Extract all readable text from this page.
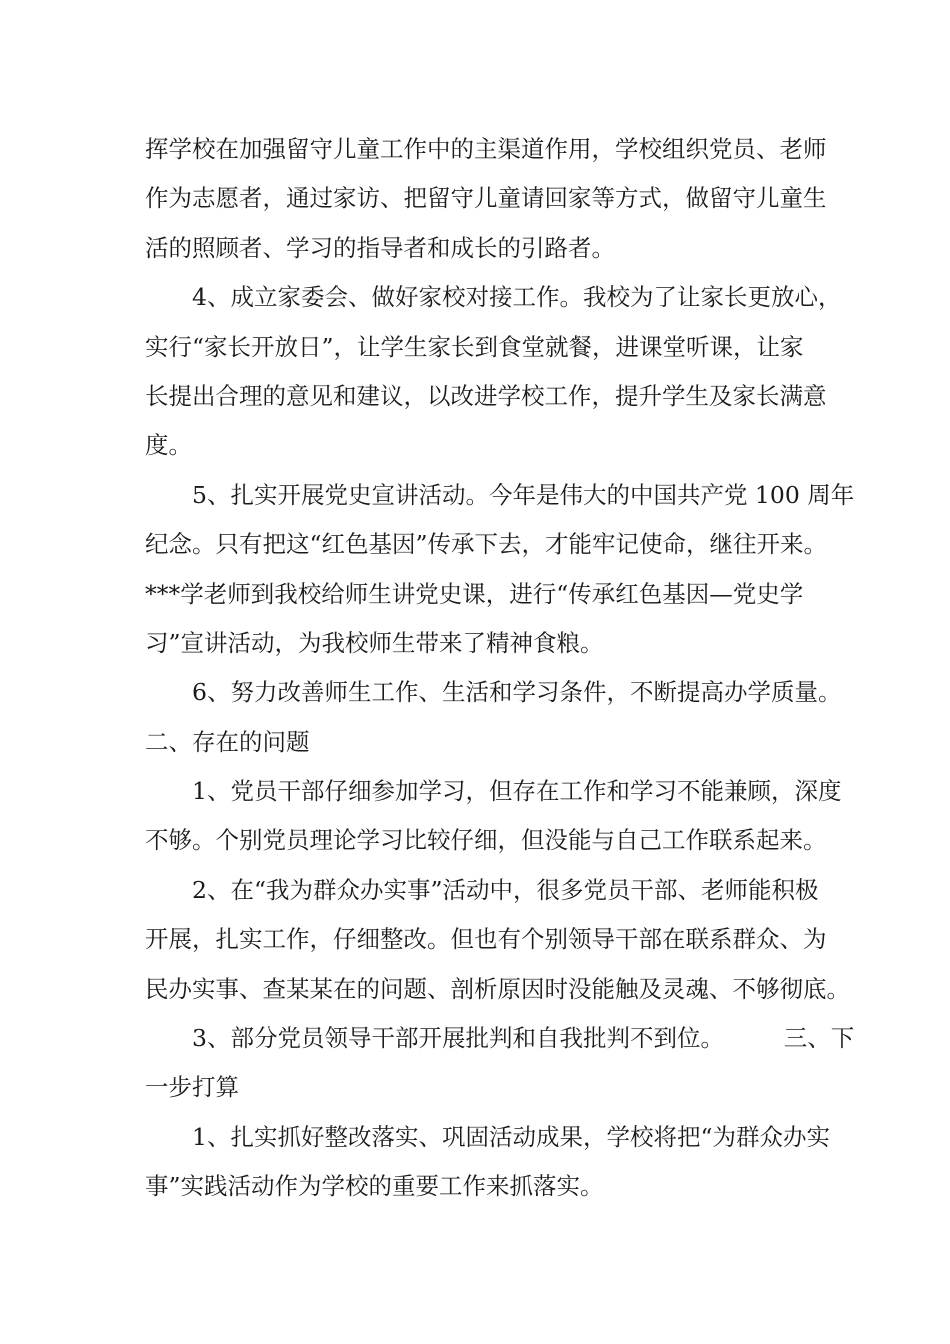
挥学校在加强留守儿童工作中的主渠道作用，学校组织党员、老师
作为志愿者，通过家访、把留守儿童请回家等方式，做留守儿童生
活的照顾者、学习的指导者和成长的引路者。
4、成立家委会、做好家校对接工作。我校为了让家长更放心，
实行“家长开放日”，让学生家长到食堂就餐，进课堂听课，让家
长提出合理的意见和建议，以改进学校工作，提升学生及家长满意
度。
5、扎实开展党史宣讲活动。今年是伟大的中国共产党 100 周年
纪念。只有把这“红色基因”传承下去，才能牢记使命，继往开来。
***学老师到我校给师生讲党史课，进行“传承红色基因—党史学
习”宣讲活动，为我校师生带来了精神食粮。
6、努力改善师生工作、生活和学习条件，不断提高办学质量。
二、存在的问题
1、党员干部仔细参加学习，但存在工作和学习不能兼顾，深度
不够。个别党员理论学习比较仔细，但没能与自己工作联系起来。
2、在“我为群众办实事”活动中，很多党员干部、老师能积极
开展，扎实工作，仔细整改。但也有个别领导干部在联系群众、为
民办实事、查某某在的问题、剖析原因时没能触及灵魂、不够彻底。
3、部分党员领导干部开展批判和自我批判不到位。        三、下
一步打算
1、扎实抓好整改落实、巩固活动成果，学校将把“为群众办实
事”实践活动作为学校的重要工作来抓落实。
